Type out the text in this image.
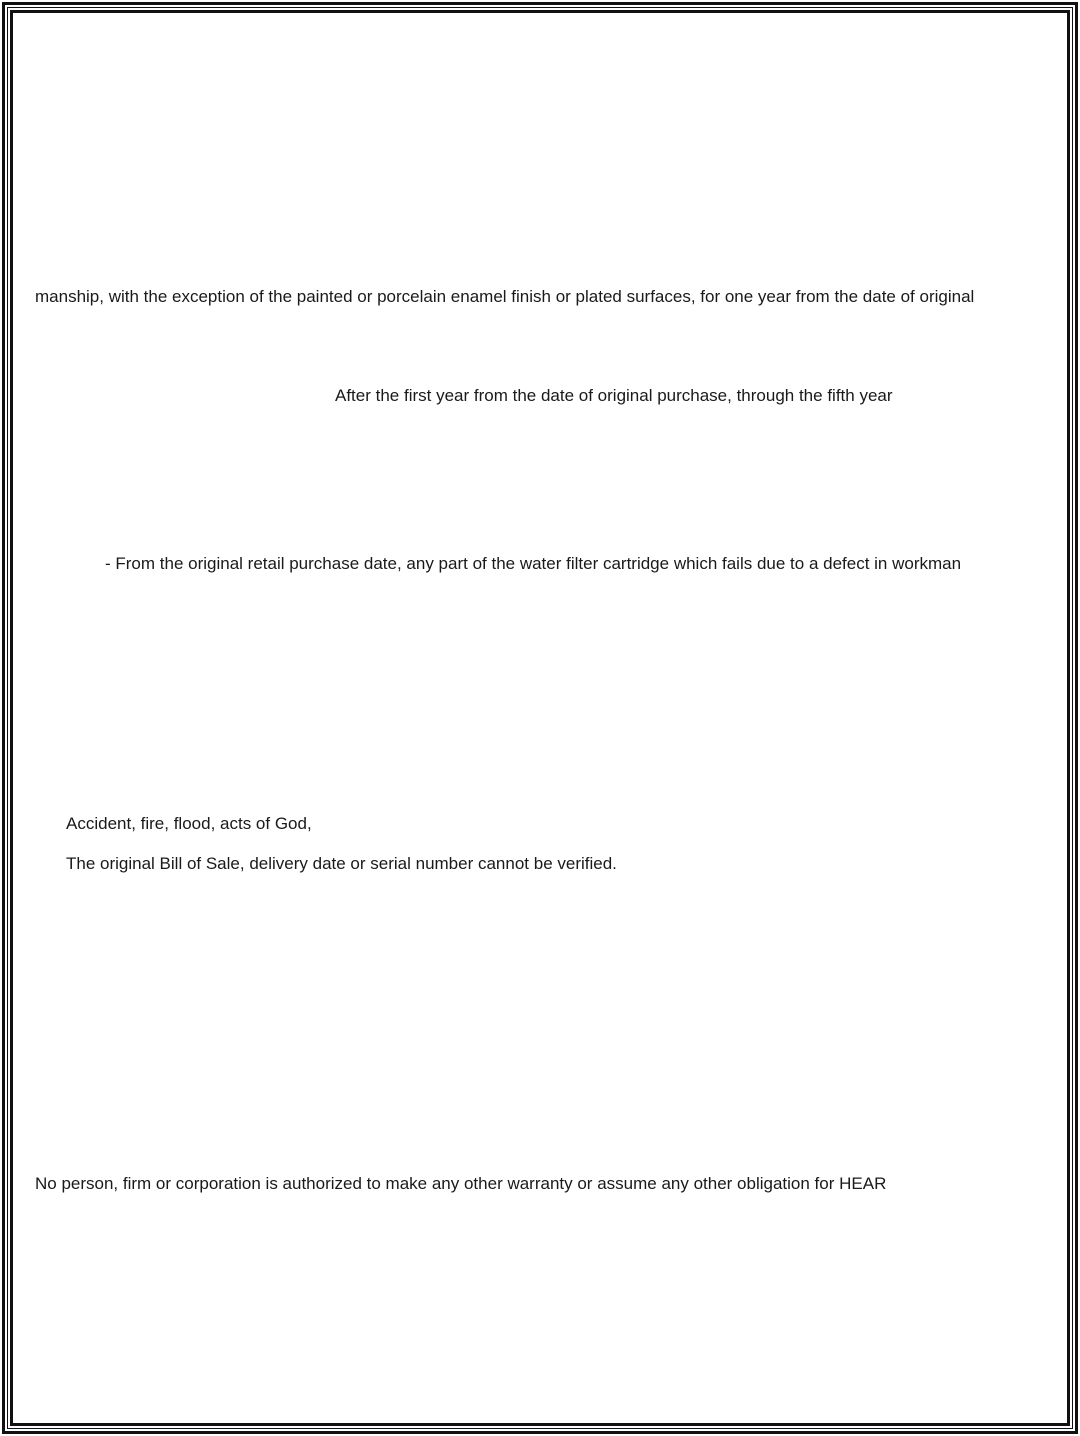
manship, with the exception of the painted or porcelain enamel finish or plated surfaces, for one year from the date of original
After the first year from the date of original purchase, through the fifth year
- From the original retail purchase date, any part of the water filter cartridge which fails due to a defect in workman
Accident, fire, flood, acts of God,
The original Bill of Sale, delivery date or serial number cannot be verified.
No person, firm or corporation is authorized to make any other warranty or assume any other obligation for HEAR
